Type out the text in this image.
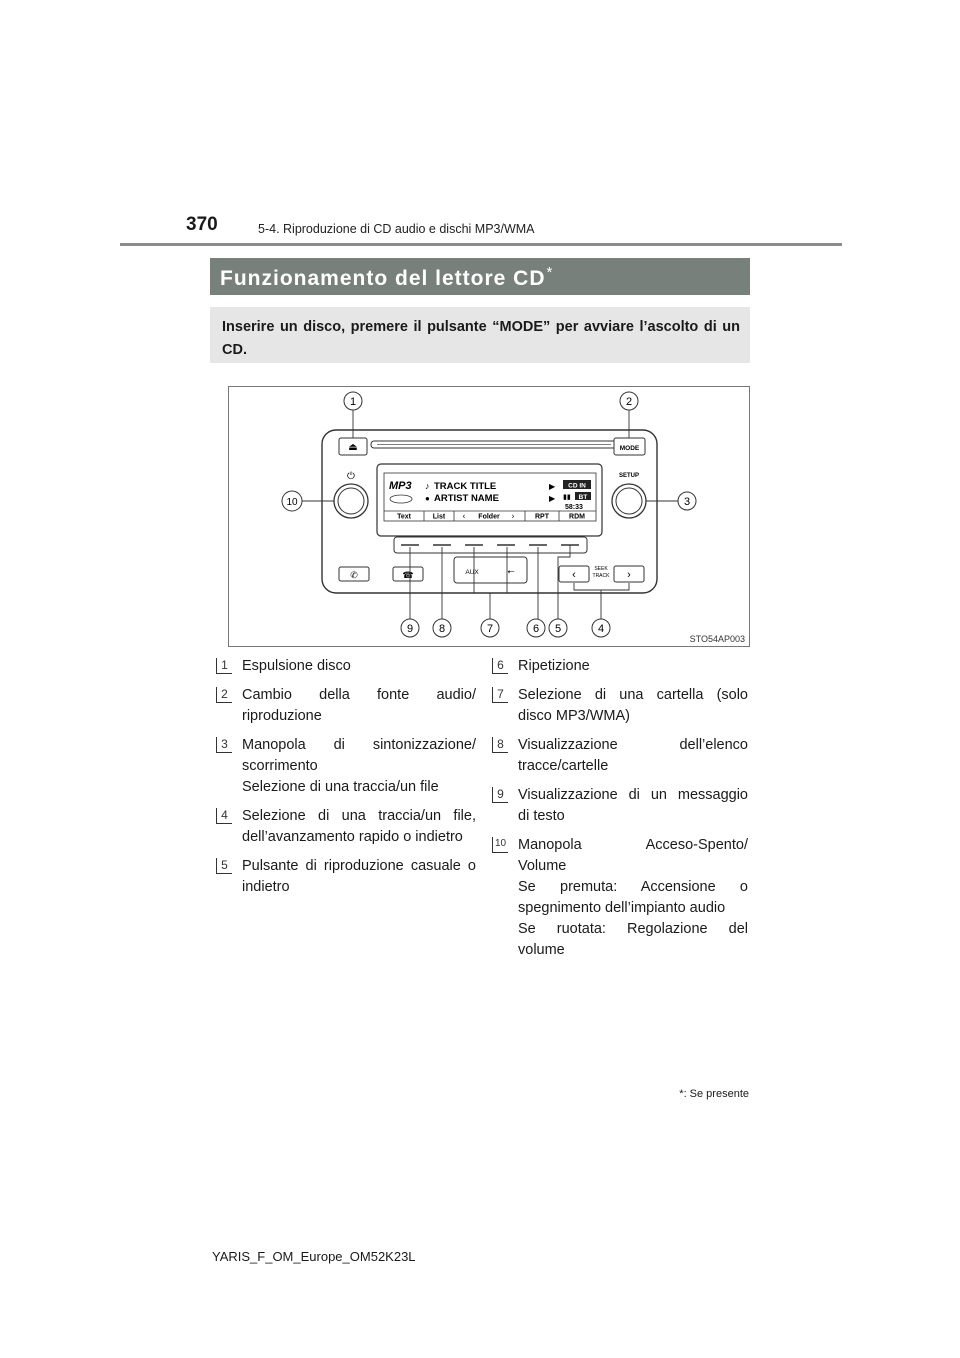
370	5-4. Riproduzione di CD audio e dischi MP3/WMA
Funzionamento del lettore CD*
Inserire un disco, premere il pulsante “MODE” per avviare l’ascolto di un CD.
⏏	MODE
SETUP
⏻
MP3 ♪ TRACK TITLE
● ARTIST NAME
▶
▶
CD IN
▮▮ BT
58:33
Text	List ‹ Folder ›	RPT	RDM
AUX	⭠
✆	☎	‹	›
SEEK
TRACK
1	2
3
4
5
6
7
8
9
10
STO54AP003
1 Espulsione disco
2 Cambio della fonte audio/
riproduzione
3 Manopola di sintonizzazione/
scorrimento
Selezione di una traccia/un file
4 Selezione di una traccia/un file,
dell’avanzamento rapido o indietro
5 Pulsante di riproduzione casuale o
indietro
6 Ripetizione
7 Selezione di una cartella (solo
disco MP3/WMA)
8 Visualizzazione dell’elenco
tracce/cartelle
9 Visualizzazione di un messaggio
di testo
10 Manopola Acceso-Spento/
Volume
Se premuta: Accensione o
spegnimento dell’impianto audio
Se ruotata: Regolazione del
volume
*: Se presente
YARIS_F_OM_Europe_OM52K23L
